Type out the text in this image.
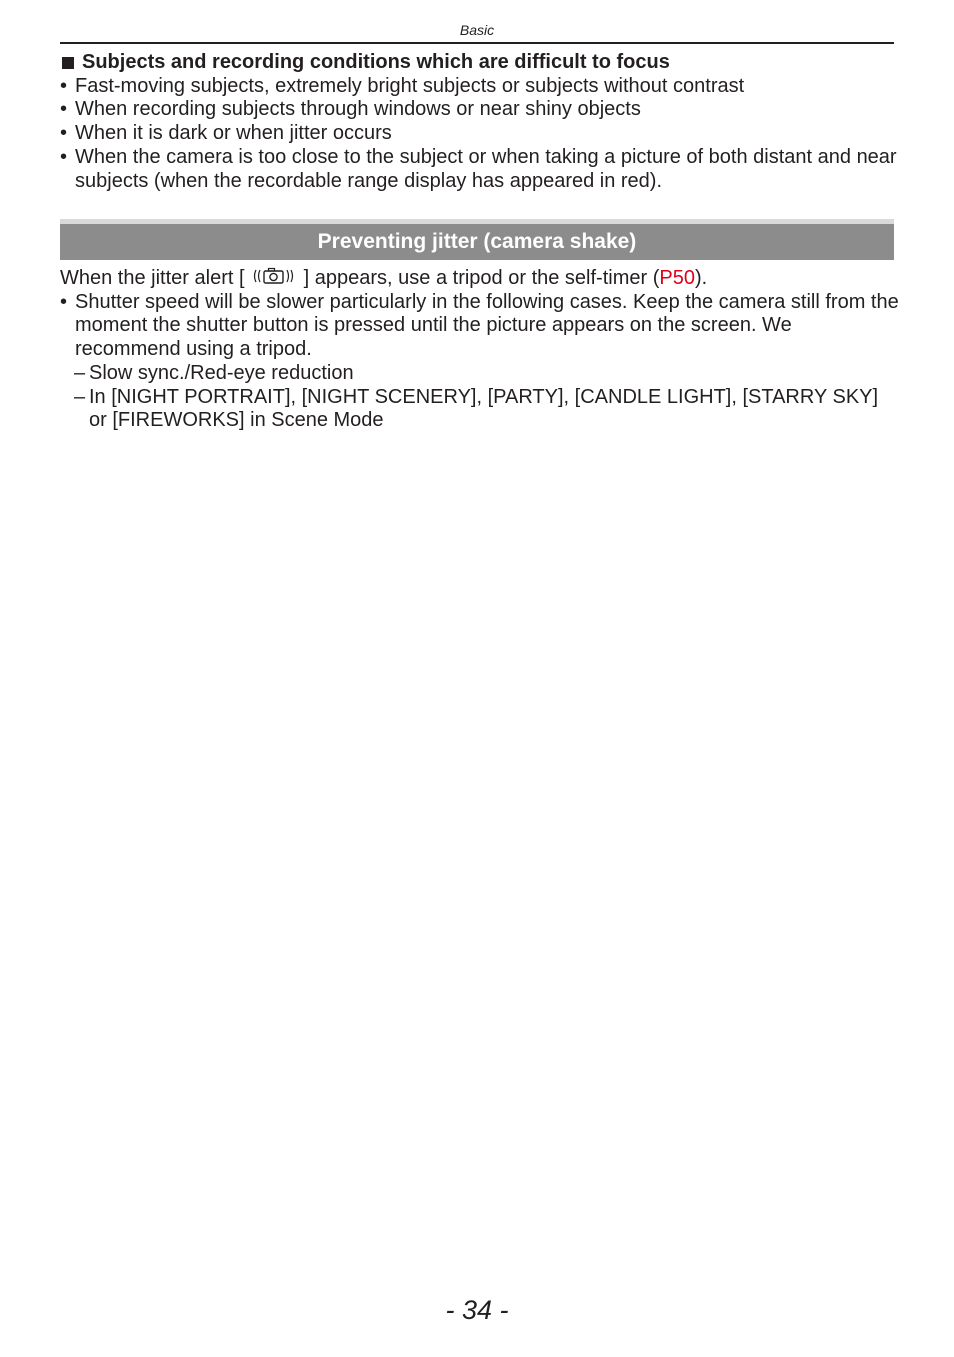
Basic
Subjects and recording conditions which are difficult to focus
• Fast-moving subjects, extremely bright subjects or subjects without contrast
• When recording subjects through windows or near shiny objects
• When it is dark or when jitter occurs
• When the camera is too close to the subject or when taking a picture of both distant and near subjects (when the recordable range display has appeared in red).
Preventing jitter (camera shake)
When the jitter alert [	] appears, use a tripod or the self-timer (P50).
• Shutter speed will be slower particularly in the following cases. Keep the camera still from the moment the shutter button is pressed until the picture appears on the screen. We recommend using a tripod.
– Slow sync./Red-eye reduction
– In [NIGHT PORTRAIT], [NIGHT SCENERY], [PARTY], [CANDLE LIGHT], [STARRY SKY] or [FIREWORKS] in Scene Mode
- 34 -
